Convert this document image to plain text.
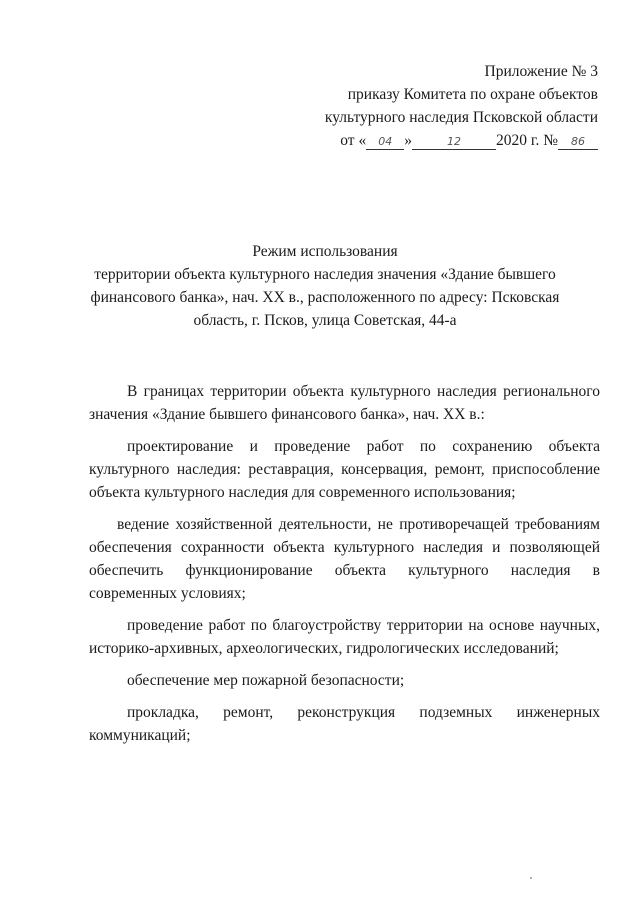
Приложение № 3
приказу Комитета по охране объектов
культурного наследия Псковской области
от « 04 »	12 2020 г. № 86
Режим использования
территории объекта культурного наследия значения «Здание бывшего
финансового банка», нач. XX в., расположенного по адресу: Псковская
область, г. Псков, улица Советская, 44-а

В границах территории объекта культурного наследия регионального значения «Здание бывшего финансового банка», нач. XX в.:

проектирование и проведение работ по сохранению объекта культурного наследия: реставрация, консервация, ремонт, приспособление объекта культурного наследия для современного использования;

ведение хозяйственной деятельности, не противоречащей требованиям обеспечения сохранности объекта культурного наследия и позволяющей обеспечить функционирование объекта культурного наследия в современных условиях;

проведение работ по благоустройству территории на основе научных, историко-архивных, археологических, гидрологических исследований;

обеспечение мер пожарной безопасности;

прокладка, ремонт, реконструкция подземных инженерных коммуникаций;
